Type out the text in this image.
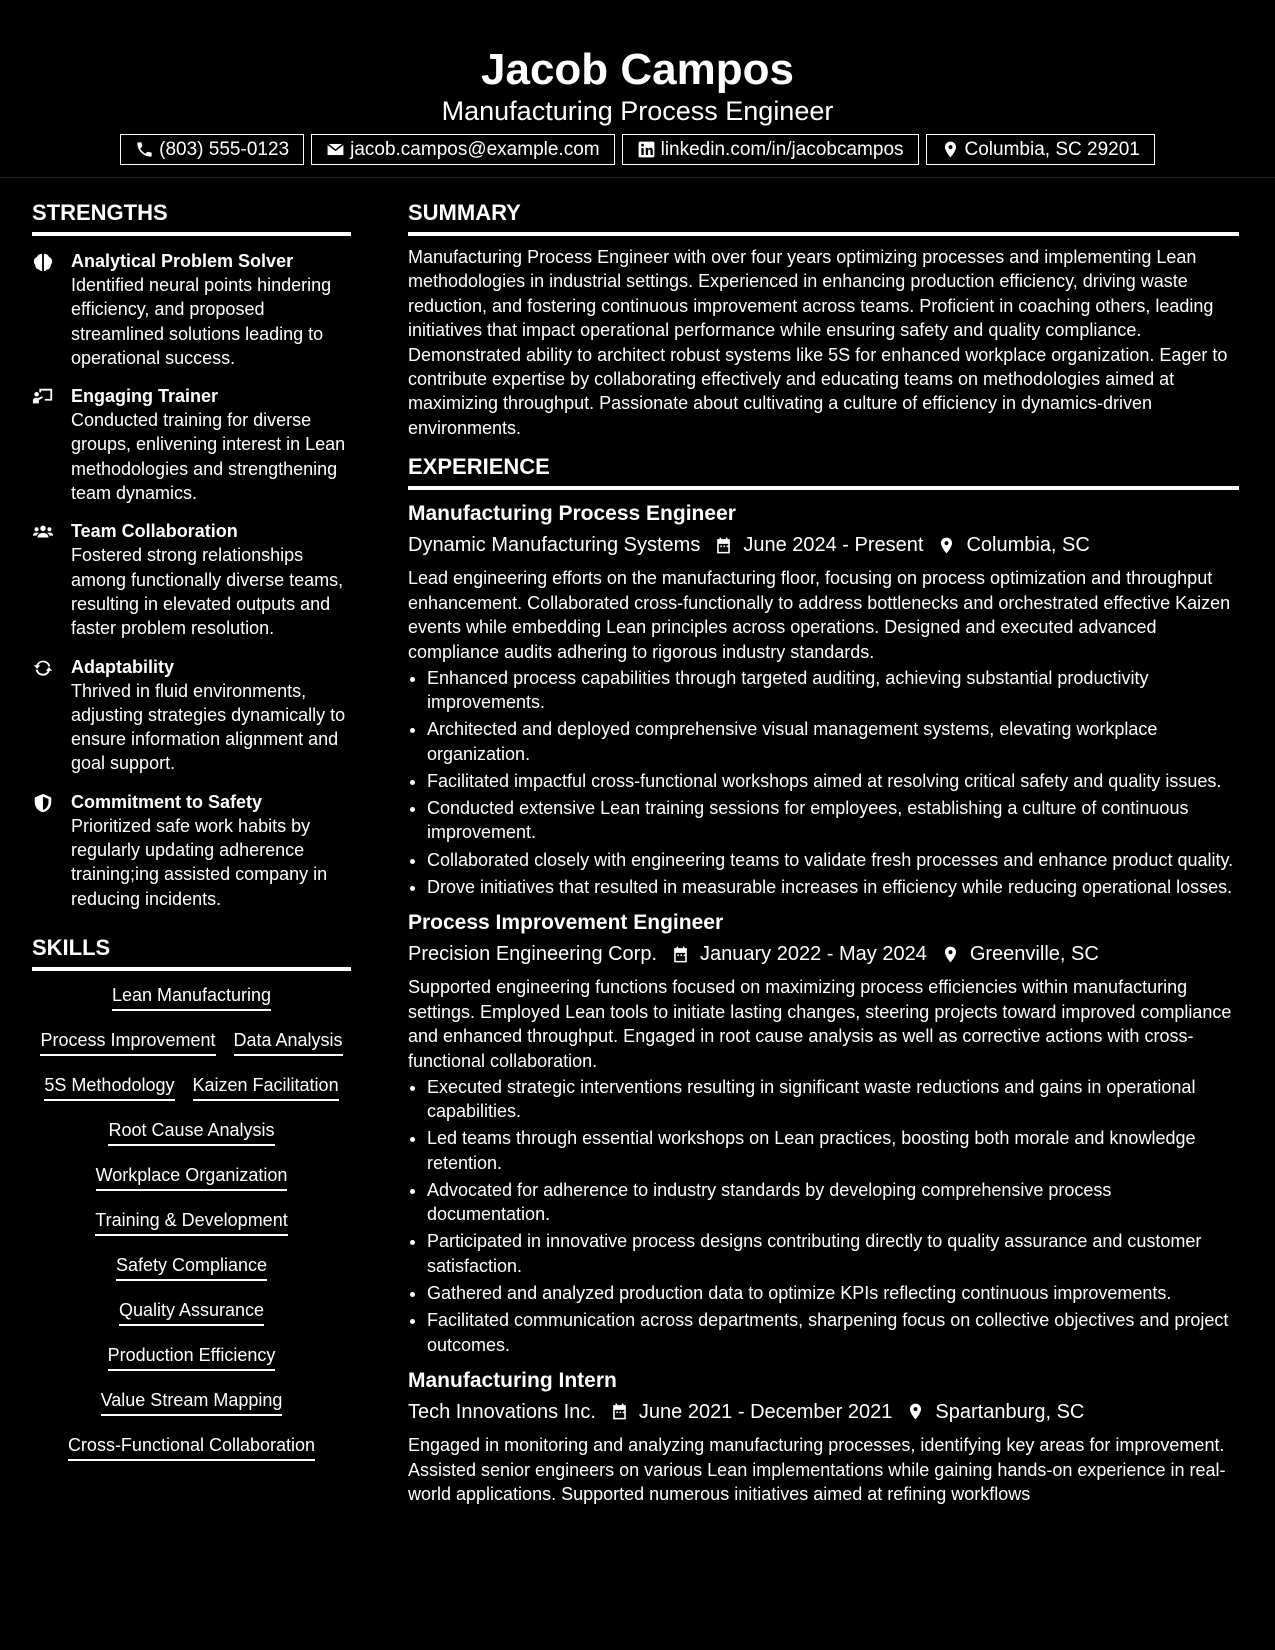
Jacob Campos
Manufacturing Process Engineer
(803) 555-0123	jacob.campos@example.com	linkedin.com/in/jacobcampos	Columbia, SC 29201
STRENGTHS
Analytical Problem Solver
Identified neural points hindering efficiency, and proposed streamlined solutions leading to operational success.
Engaging Trainer
Conducted training for diverse groups, enlivening interest in Lean methodologies and strengthening team dynamics.
Team Collaboration
Fostered strong relationships among functionally diverse teams, resulting in elevated outputs and faster problem resolution.
Adaptability
Thrived in fluid environments, adjusting strategies dynamically to ensure information alignment and goal support.
Commitment to Safety
Prioritized safe work habits by regularly updating adherence training;ing assisted company in reducing incidents.
SKILLS
Lean Manufacturing
Process Improvement Data Analysis
5S Methodology Kaizen Facilitation
Root Cause Analysis
Workplace Organization
Training & Development
Safety Compliance
Quality Assurance
Production Efficiency
Value Stream Mapping
Cross-Functional Collaboration
SUMMARY
Manufacturing Process Engineer with over four years optimizing processes and implementing Lean methodologies in industrial settings. Experienced in enhancing production efficiency, driving waste reduction, and fostering continuous improvement across teams. Proficient in coaching others, leading initiatives that impact operational performance while ensuring safety and quality compliance. Demonstrated ability to architect robust systems like 5S for enhanced workplace organization. Eager to contribute expertise by collaborating effectively and educating teams on methodologies aimed at maximizing throughput. Passionate about cultivating a culture of efficiency in dynamics-driven environments.
EXPERIENCE
Manufacturing Process Engineer
Dynamic Manufacturing Systems June 2024 - Present Columbia, SC
Lead engineering efforts on the manufacturing floor, focusing on process optimization and throughput enhancement. Collaborated cross-functionally to address bottlenecks and orchestrated effective Kaizen events while embedding Lean principles across operations. Designed and executed advanced compliance audits adhering to rigorous industry standards.
• Enhanced process capabilities through targeted auditing, achieving substantial productivity improvements.
• Architected and deployed comprehensive visual management systems, elevating workplace organization.
• Facilitated impactful cross-functional workshops aimed at resolving critical safety and quality issues.
• Conducted extensive Lean training sessions for employees, establishing a culture of continuous improvement.
• Collaborated closely with engineering teams to validate fresh processes and enhance product quality.
• Drove initiatives that resulted in measurable increases in efficiency while reducing operational losses.
Process Improvement Engineer
Precision Engineering Corp. January 2022 - May 2024 Greenville, SC
Supported engineering functions focused on maximizing process efficiencies within manufacturing settings. Employed Lean tools to initiate lasting changes, steering projects toward improved compliance and enhanced throughput. Engaged in root cause analysis as well as corrective actions with cross-functional collaboration.
• Executed strategic interventions resulting in significant waste reductions and gains in operational capabilities.
• Led teams through essential workshops on Lean practices, boosting both morale and knowledge retention.
• Advocated for adherence to industry standards by developing comprehensive process documentation.
• Participated in innovative process designs contributing directly to quality assurance and customer satisfaction.
• Gathered and analyzed production data to optimize KPIs reflecting continuous improvements.
• Facilitated communication across departments, sharpening focus on collective objectives and project outcomes.
Manufacturing Intern
Tech Innovations Inc. June 2021 - December 2021 Spartanburg, SC
Engaged in monitoring and analyzing manufacturing processes, identifying key areas for improvement. Assisted senior engineers on various Lean implementations while gaining hands-on experience in real-world applications. Supported numerous initiatives aimed at refining workflows
